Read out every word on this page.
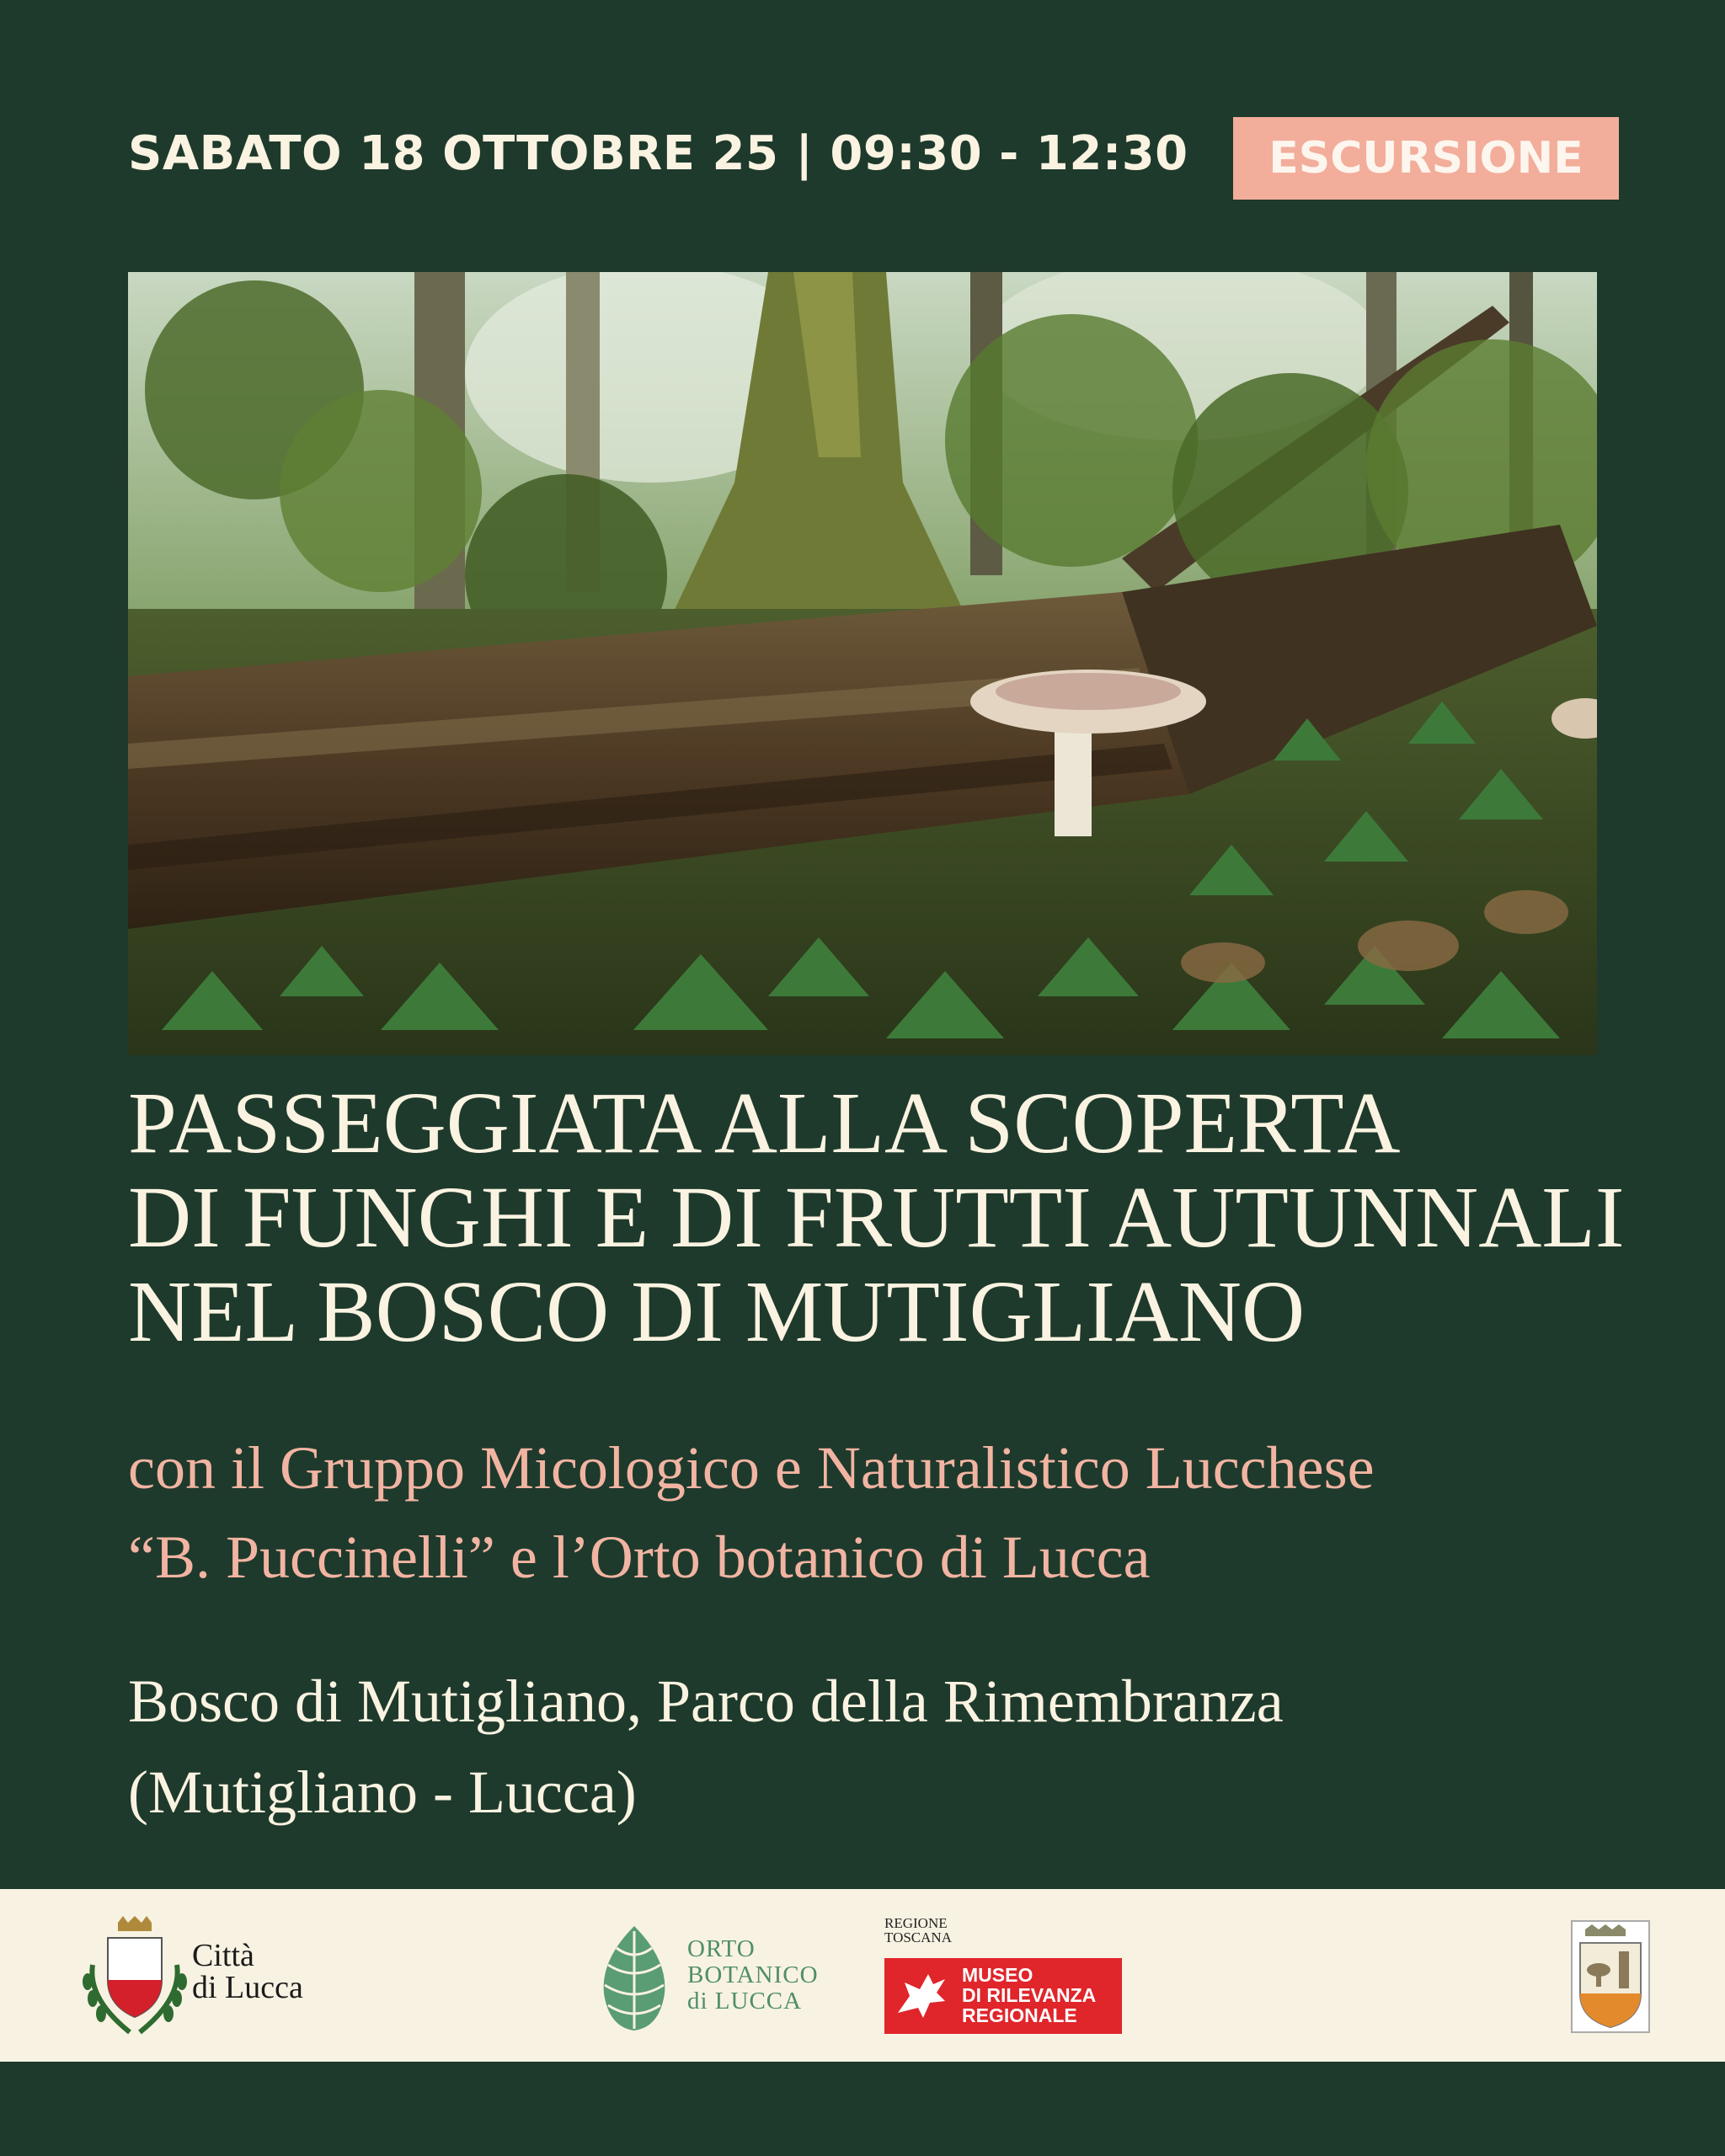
SABATO 18 OTTOBRE 25 | 09:30 - 12:30	ESCURSIONE
PASSEGGIATA ALLA SCOPERTA
DI FUNGHI E DI FRUTTI AUTUNNALI
NEL BOSCO DI MUTIGLIANO
con il Gruppo Micologico e Naturalistico Lucchese
“B. Puccinelli” e l’Orto botanico di Lucca
Bosco di Mutigliano, Parco della Rimembranza
(Mutigliano - Lucca)
Città
di Lucca
ORTO
BOTANICO
di LUCCA
REGIONE
TOSCANA
MUSEO
DI RILEVANZA
REGIONALE
